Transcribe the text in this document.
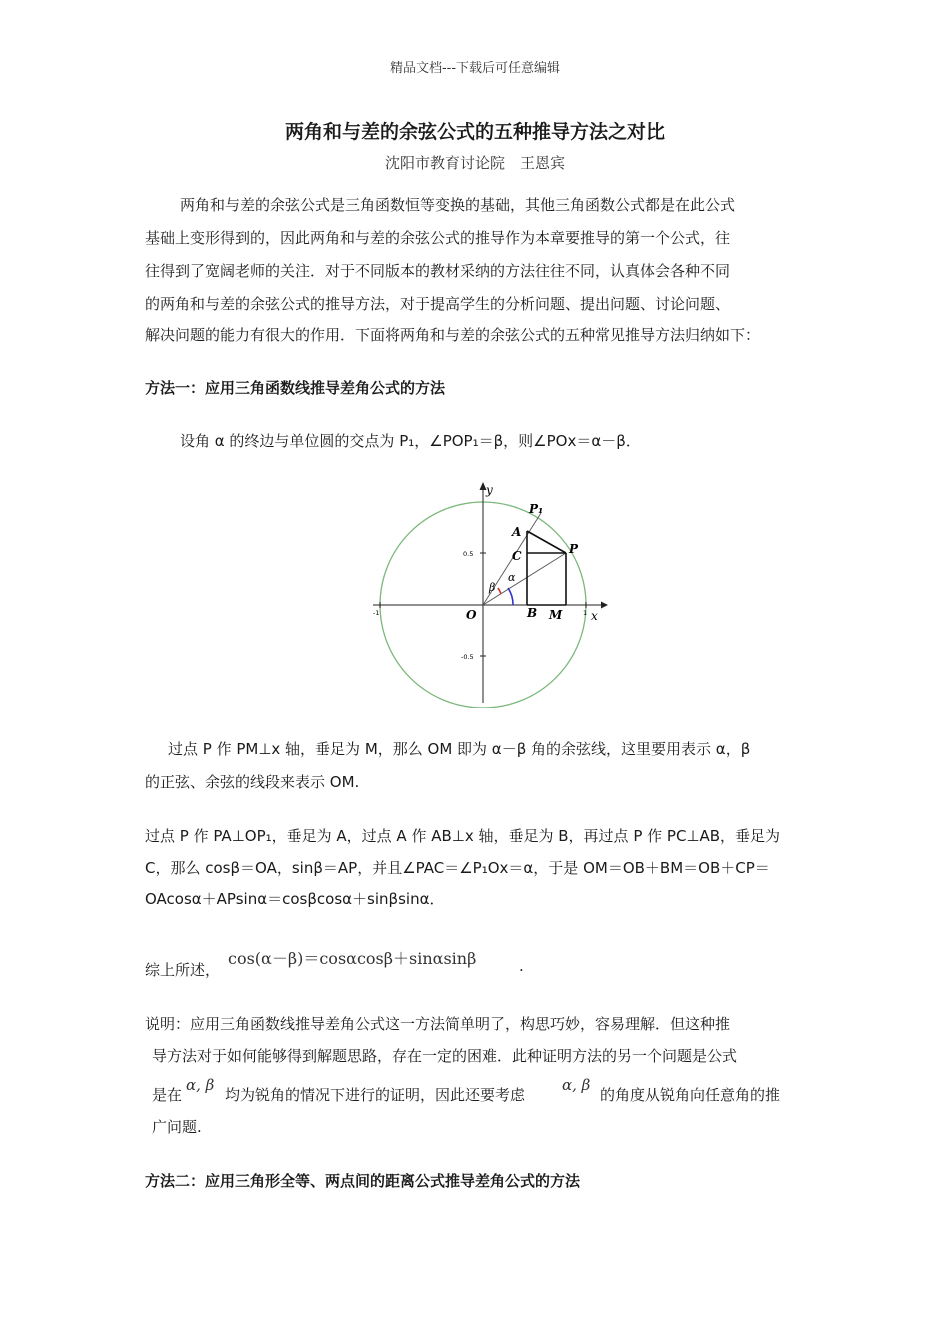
精品文档---下载后可任意编辑
两角和与差的余弦公式的五种推导方法之对比
沈阳市教育讨论院　王恩宾
两角和与差的余弦公式是三角函数恒等变换的基础，其他三角函数公式都是在此公式
基础上变形得到的，因此两角和与差的余弦公式的推导作为本章要推导的第一个公式，往
往得到了宽阔老师的关注．对于不同版本的教材采纳的方法往往不同，认真体会各种不同
的两角和与差的余弦公式的推导方法，对于提高学生的分析问题、提出问题、讨论问题、
解决问题的能力有很大的作用．下面将两角和与差的余弦公式的五种常见推导方法归纳如下：
方法一：应用三角函数线推导差角公式的方法
设角 α 的终边与单位圆的交点为 P₁，∠POP₁＝β，则∠POx＝α－β．
y
x
P₁
A
C	P
O	B M
α
β
0.5
-0.5
-1	1
过点 P 作 PM⊥x 轴，垂足为 M，那么 OM 即为 α－β 角的余弦线，这里要用表示 α，β
的正弦、余弦的线段来表示 OM.
过点 P 作 PA⊥OP₁，垂足为 A，过点 A 作 AB⊥x 轴，垂足为 B，再过点 P 作 PC⊥AB，垂足为
C，那么 cosβ＝OA，sinβ＝AP，并且∠PAC＝∠P₁Ox＝α，于是 OM＝OB＋BM＝OB＋CP＝
OAcosα＋APsinα＝cosβcosα＋sinβsinα．
综上所述，
cos(α－β)＝cosαcosβ＋sinαsinβ	.
说明：应用三角函数线推导差角公式这一方法简单明了，构思巧妙，容易理解．但这种推
导方法对于如何能够得到解题思路，存在一定的困难．此种证明方法的另一个问题是公式
是在
α, β
均为锐角的情况下进行的证明，因此还要考虑
α, β
的角度从锐角向任意角的推
广问题.
方法二：应用三角形全等、两点间的距离公式推导差角公式的方法
